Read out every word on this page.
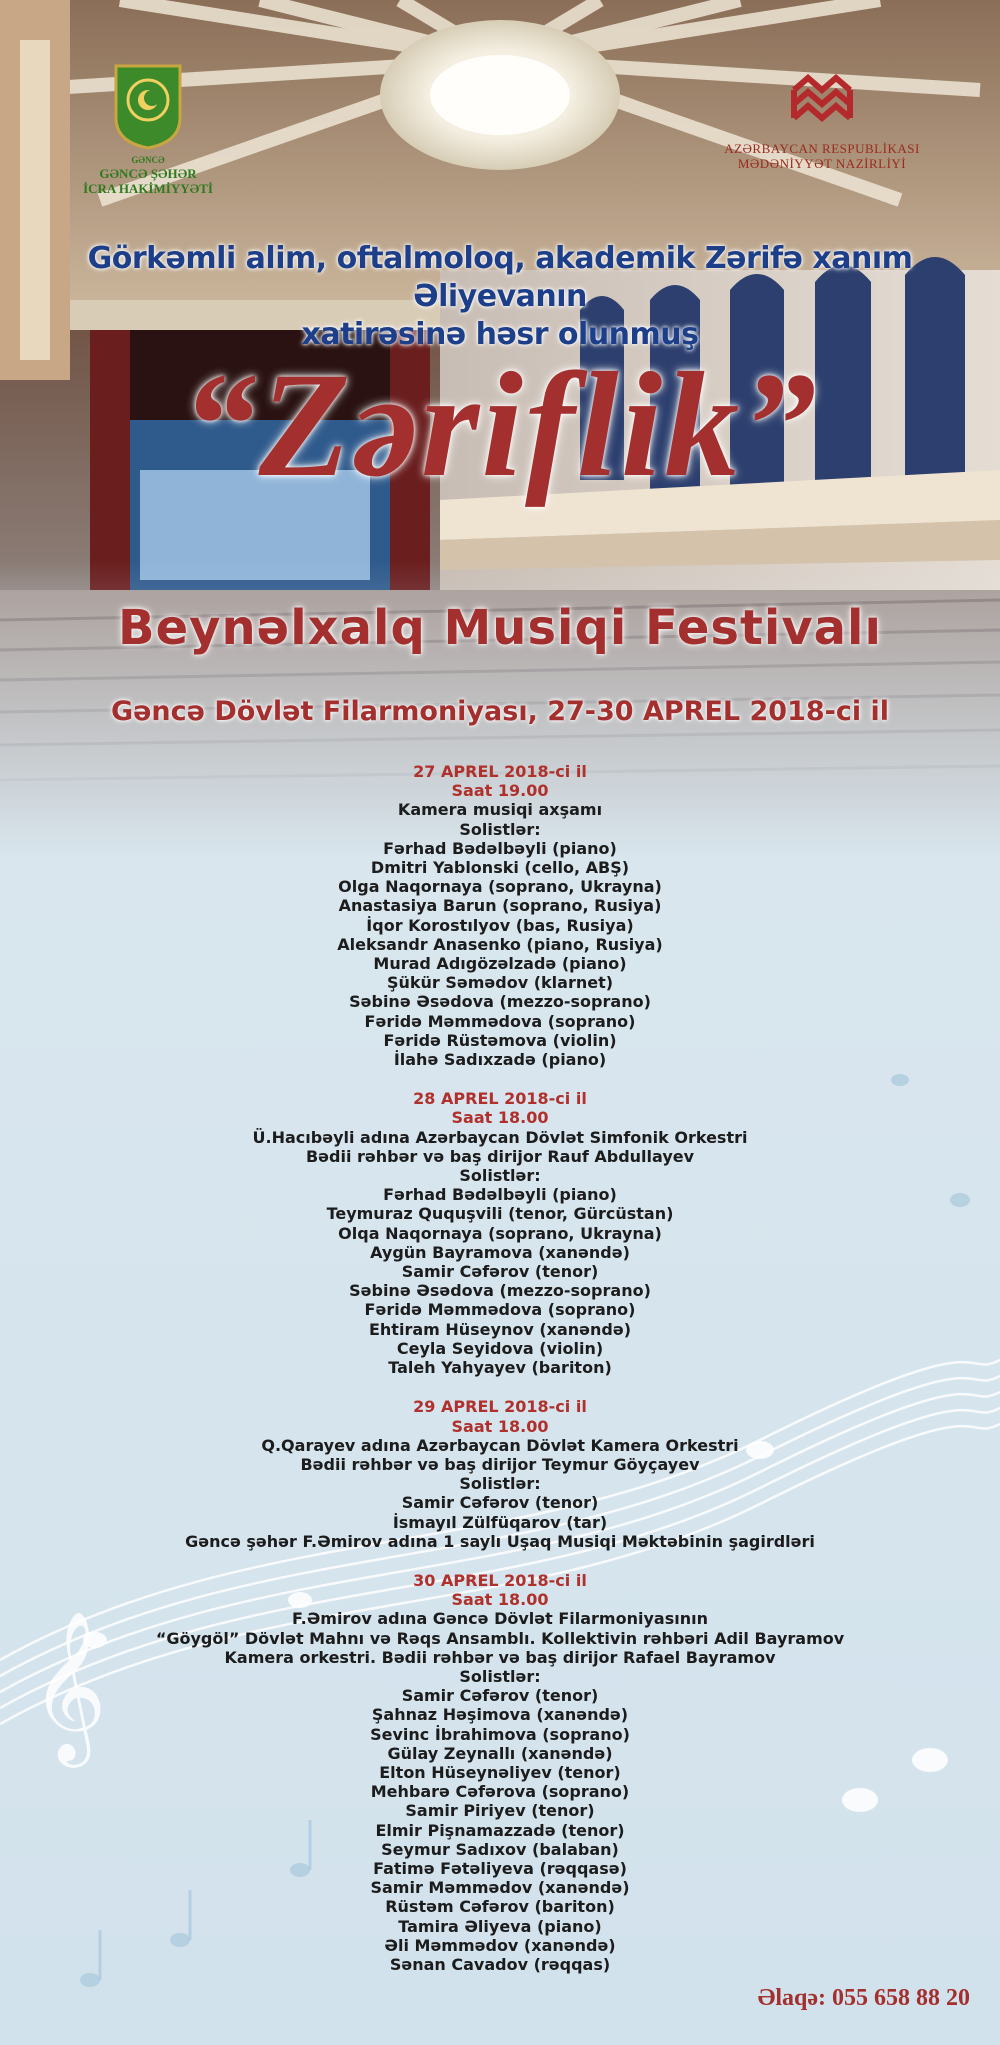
GƏNCƏ
GƏNCƏ ŞƏHƏR
İCRA HAKİMİYYƏTİ
AZƏRBAYCAN RESPUBLİKASI
MƏDƏNİYYƏT NAZİRLİYİ
Görkəmli alim, oftalmoloq, akademik Zərifə xanım Əliyevanın
xatirəsinə həsr olunmuş
“Zəriflik”
Beynəlxalq Musiqi Festivalı
Gəncə Dövlət Filarmoniyası, 27-30 APREL 2018-ci il
𝄞
27 APREL 2018-ci il
Saat 19.00
Kamera musiqi axşamı
Solistlər:
Fərhad Bədəlbəyli (piano)
Dmitri Yablonski (cello, ABŞ)
Olga Naqornaya (soprano, Ukrayna)
Anastasiya Barun (soprano, Rusiya)
İqor Korostılyov (bas, Rusiya)
Aleksandr Anasenko (piano, Rusiya)
Murad Adıgözəlzadə (piano)
Şükür Səmədov (klarnet)
Səbinə Əsədova (mezzo-soprano)
Fəridə Məmmədova (soprano)
Fəridə Rüstəmova (violin)
İlahə Sadıxzadə (piano)
28 APREL 2018-ci il
Saat 18.00
Ü.Hacıbəyli adına Azərbaycan Dövlət Simfonik Orkestri
Bədii rəhbər və baş dirijor Rauf Abdullayev
Solistlər:
Fərhad Bədəlbəyli (piano)
Teymuraz Ququşvili (tenor, Gürcüstan)
Olqa Naqornaya (soprano, Ukrayna)
Aygün Bayramova (xanəndə)
Samir Cəfərov (tenor)
Səbinə Əsədova (mezzo-soprano)
Fəridə Məmmədova (soprano)
Ehtiram Hüseynov (xanəndə)
Ceyla Seyidova (violin)
Taleh Yahyayev (bariton)
29 APREL 2018-ci il
Saat 18.00
Q.Qarayev adına Azərbaycan Dövlət Kamera Orkestri
Bədii rəhbər və baş dirijor Teymur Göyçayev
Solistlər:
Samir Cəfərov (tenor)
İsmayıl Zülfüqarov (tar)
Gəncə şəhər F.Əmirov adına 1 saylı Uşaq Musiqi Məktəbinin şagirdləri
30 APREL 2018-ci il
Saat 18.00
F.Əmirov adına Gəncə Dövlət Filarmoniyasının
“Göygöl” Dövlət Mahnı və Rəqs Ansamblı. Kollektivin rəhbəri Adil Bayramov
Kamera orkestri. Bədii rəhbər və baş dirijor Rafael Bayramov
Solistlər:
Samir Cəfərov (tenor)
Şahnaz Həşimova (xanəndə)
Sevinc İbrahimova (soprano)
Gülay Zeynallı (xanəndə)
Elton Hüseynəliyev (tenor)
Mehbarə Cəfərova (soprano)
Samir Piriyev (tenor)
Elmir Pişnamazzadə (tenor)
Seymur Sadıxov (balaban)
Fatimə Fətəliyeva (rəqqasə)
Samir Məmmədov (xanəndə)
Rüstəm Cəfərov (bariton)
Tamira Əliyeva (piano)
Əli Məmmədov (xanəndə)
Sənan Cavadov (rəqqas)
Əlaqə: 055 658 88 20
